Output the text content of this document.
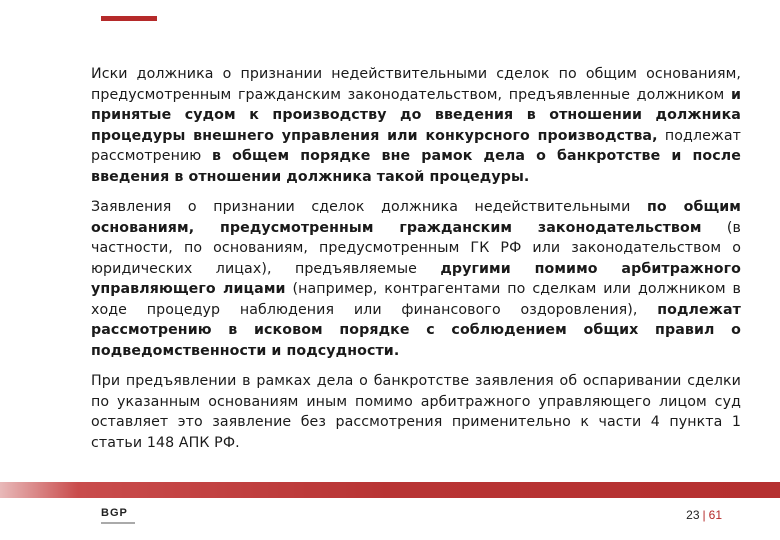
Иски должника о признании недействительными сделок по общим основаниям, предусмотренным гражданским законодательством, предъявленные должником и принятые судом к производству до введения в отношении должника процедуры внешнего управления или конкурсного производства, подлежат рассмотрению в общем порядке вне рамок дела о банкротстве и после введения в отношении должника такой процедуры.

Заявления о признании сделок должника недействительными по общим основаниям, предусмотренным гражданским законодательством (в частности, по основаниям, предусмотренным ГК РФ или законодательством о юридических лицах), предъявляемые другими помимо арбитражного управляющего лицами (например, контрагентами по сделкам или должником в ходе процедур наблюдения или финансового оздоровления), подлежат рассмотрению в исковом порядке с соблюдением общих правил о подведомственности и подсудности.

При предъявлении в рамках дела о банкротстве заявления об оспаривании сделки по указанным основаниям иным помимо арбитражного управляющего лицом суд оставляет это заявление без рассмотрения применительно к части 4 пункта 1 статьи 148 АПК РФ.

BGP	23 | 61
